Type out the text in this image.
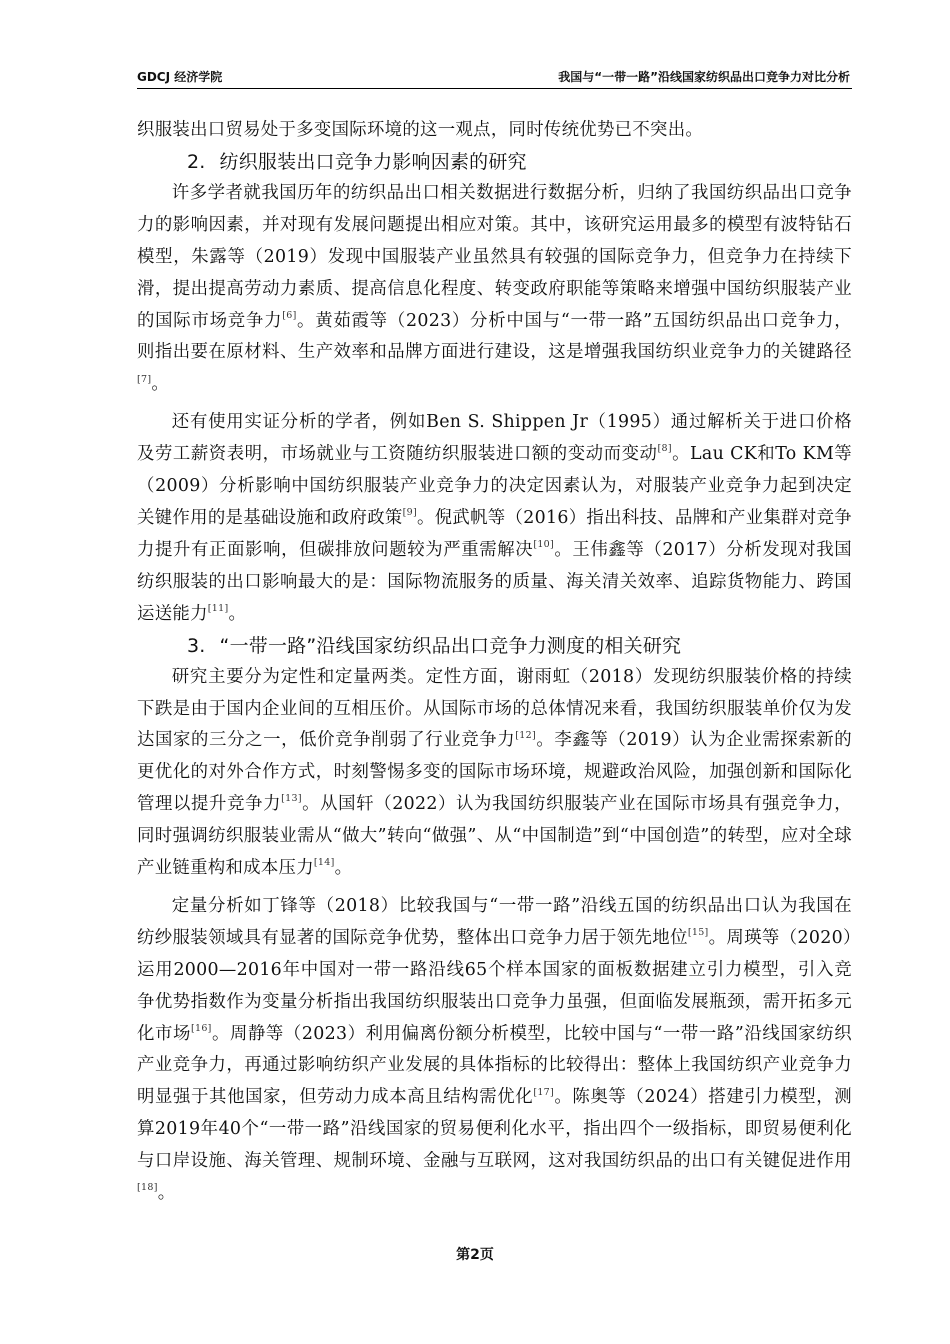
GDCJ 经济学院	我国与“一带一路”沿线国家纺织品出口竞争力对比分析

织服装出口贸易处于多变国际环境的这一观点，同时传统优势已不突出。

2. 纺织服装出口竞争力影响因素的研究

许多学者就我国历年的纺织品出口相关数据进行数据分析，归纳了我国纺织品出口竞争力的影响因素，并对现有发展问题提出相应对策。其中，该研究运用最多的模型有波特钻石模型，朱露等（2019）发现中国服装产业虽然具有较强的国际竞争力，但竞争力在持续下滑，提出提高劳动力素质、提高信息化程度、转变政府职能等策略来增强中国纺织服装产业的国际市场竞争力[6]。黄茹霞等（2023）分析中国与“一带一路”五国纺织品出口竞争力，则指出要在原材料、生产效率和品牌方面进行建设，这是增强我国纺织业竞争力的关键路径[7]。

还有使用实证分析的学者，例如Ben S. Shippen Jr（1995）通过解析关于进口价格及劳工薪资表明，市场就业与工资随纺织服装进口额的变动而变动[8]。Lau CK和To KM等（2009）分析影响中国纺织服装产业竞争力的决定因素认为，对服装产业竞争力起到决定关键作用的是基础设施和政府政策[9]。倪武帆等（2016）指出科技、品牌和产业集群对竞争力提升有正面影响，但碳排放问题较为严重需解决[10]。王伟鑫等（2017）分析发现对我国纺织服装的出口影响最大的是：国际物流服务的质量、海关清关效率、追踪货物能力、跨国运送能力[11]。

3. “一带一路”沿线国家纺织品出口竞争力测度的相关研究

研究主要分为定性和定量两类。定性方面，谢雨虹（2018）发现纺织服装价格的持续下跌是由于国内企业间的互相压价。从国际市场的总体情况来看，我国纺织服装单价仅为发达国家的三分之一，低价竞争削弱了行业竞争力[12]。李鑫等（2019）认为企业需探索新的更优化的对外合作方式，时刻警惕多变的国际市场环境，规避政治风险，加强创新和国际化管理以提升竞争力[13]。从国轩（2022）认为我国纺织服装产业在国际市场具有强竞争力，同时强调纺织服装业需从“做大”转向“做强”、从“中国制造”到“中国创造”的转型，应对全球产业链重构和成本压力[14]。

定量分析如丁锋等（2018）比较我国与“一带一路”沿线五国的纺织品出口认为我国在纺纱服装领域具有显著的国际竞争优势，整体出口竞争力居于领先地位[15]。周瑛等（2020）运用2000—2016年中国对一带一路沿线65个样本国家的面板数据建立引力模型，引入竞争优势指数作为变量分析指出我国纺织服装出口竞争力虽强，但面临发展瓶颈，需开拓多元化市场[16]。周静等（2023）利用偏离份额分析模型，比较中国与“一带一路”沿线国家纺织产业竞争力，再通过影响纺织产业发展的具体指标的比较得出：整体上我国纺织产业竞争力明显强于其他国家，但劳动力成本高且结构需优化[17]。陈奥等（2024）搭建引力模型，测算2019年40个“一带一路”沿线国家的贸易便利化水平，指出四个一级指标，即贸易便利化与口岸设施、海关管理、规制环境、金融与互联网，这对我国纺织品的出口有关键促进作用[18]。

第2页
